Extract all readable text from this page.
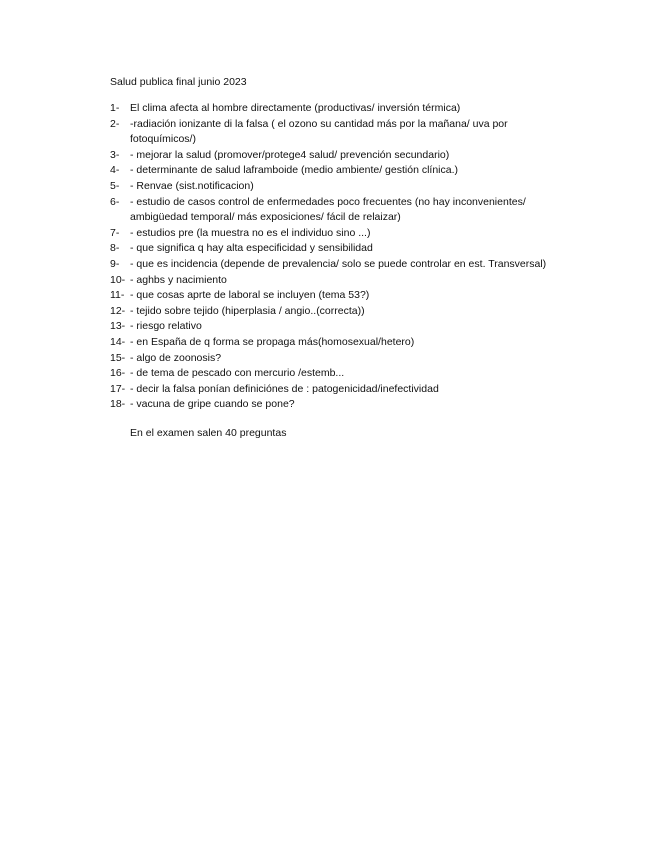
Salud publica final junio 2023
1-	El clima afecta al hombre directamente (productivas/ inversión térmica)
2-	-radiación ionizante di la falsa ( el ozono su cantidad más por la mañana/ uva por fotoquímicos/)
3-	- mejorar la salud (promover/protege4 salud/ prevención secundario)
4-	- determinante de salud laframboide (medio ambiente/ gestión clínica.)
5-	- Renvae (sist.notificacion)
6-	- estudio de casos control de enfermedades poco frecuentes (no hay inconvenientes/ ambigüedad temporal/ más exposiciones/ fácil de relaizar)
7-	- estudios pre (la muestra no es el individuo sino ...)
8-	- que significa q hay alta especificidad y sensibilidad
9-	- que es incidencia (depende de prevalencia/ solo se puede controlar en est. Transversal)
10- - aghbs y nacimiento
11- - que cosas aprte de laboral se incluyen (tema 53?)
12- - tejido sobre tejido (hiperplasia / angio..(correcta))
13- - riesgo relativo
14- - en España de q forma se propaga más(homosexual/hetero)
15- - algo de zoonosis?
16- - de tema de pescado con mercurio /estemb...
17- - decir la falsa ponían definiciónes de : patogenicidad/inefectividad
18- - vacuna de gripe cuando se pone?
En el examen salen 40 preguntas
